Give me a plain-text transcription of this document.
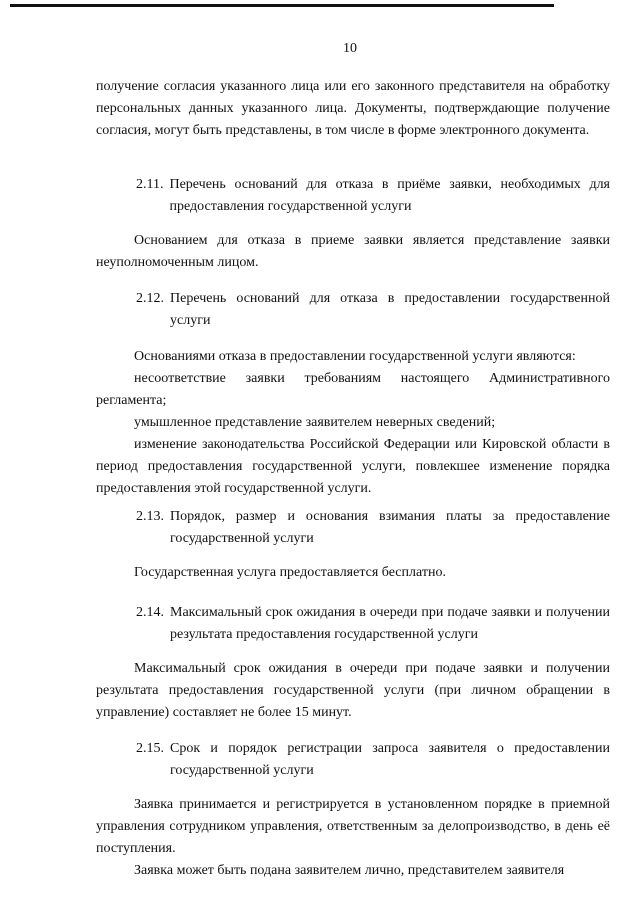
10
получение согласия указанного лица или его законного представителя на обработку персональных данных указанного лица. Документы, подтверждающие получение согласия, могут быть представлены, в том числе в форме электронного документа.
2.11. Перечень оснований для отказа в приёме заявки, необходимых для предоставления государственной услуги
Основанием для отказа в приеме заявки является представление заявки неуполномоченным лицом.
2.12. Перечень оснований для отказа в предоставлении государственной услуги
Основаниями отказа в предоставлении государственной услуги являются:
несоответствие заявки требованиям настоящего Административного регламента;
умышленное представление заявителем неверных сведений;
изменение законодательства Российской Федерации или Кировской области в период предоставления государственной услуги, повлекшее изменение порядка предоставления этой государственной услуги.
2.13. Порядок, размер и основания взимания платы за предоставление государственной услуги
Государственная услуга предоставляется бесплатно.
2.14. Максимальный срок ожидания в очереди при подаче заявки и получении результата предоставления государственной услуги
Максимальный срок ожидания в очереди при подаче заявки и получении результата предоставления государственной услуги (при личном обращении в управление) составляет не более 15 минут.
2.15. Срок и порядок регистрации запроса заявителя о предоставлении государственной услуги
Заявка принимается и регистрируется в установленном порядке в приемной управления сотрудником управления, ответственным за делопроизводство, в день её поступления.
Заявка может быть подана заявителем лично, представителем заявителя
